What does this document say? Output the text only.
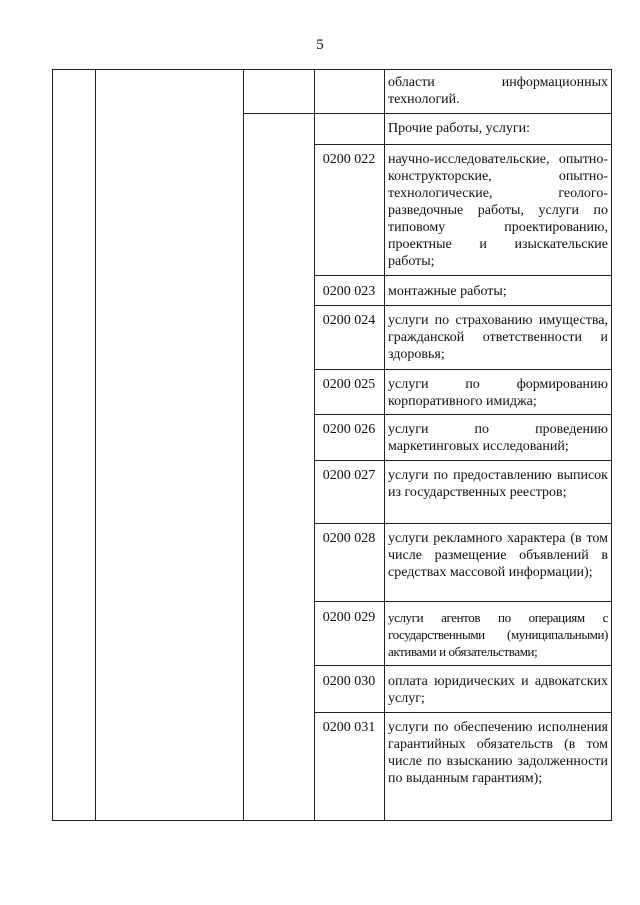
5
области информационных технологий.
Прочие работы, услуги:
0200 022 научно-исследовательские, опытно-конструкторские, опытно-технологические, геолого-разведочные работы, услуги по типовому проектированию, проектные и изыскательские работы;
0200 023 монтажные работы;
0200 024 услуги по страхованию имущества, гражданской ответственности и здоровья;
0200 025 услуги по формированию корпоративного имиджа;
0200 026 услуги по проведению маркетинговых исследований;
0200 027 услуги по предоставлению выписок из государственных реестров;
0200 028 услуги рекламного характера (в том числе размещение объявлений в средствах массовой информации);
0200 029 услуги агентов по операциям с государственными (муниципальными) активами и обязательствами;
0200 030 оплата юридических и адвокатских услуг;
0200 031 услуги по обеспечению исполнения гарантийных обязательств (в том числе по взысканию задолженности по выданным гарантиям);
